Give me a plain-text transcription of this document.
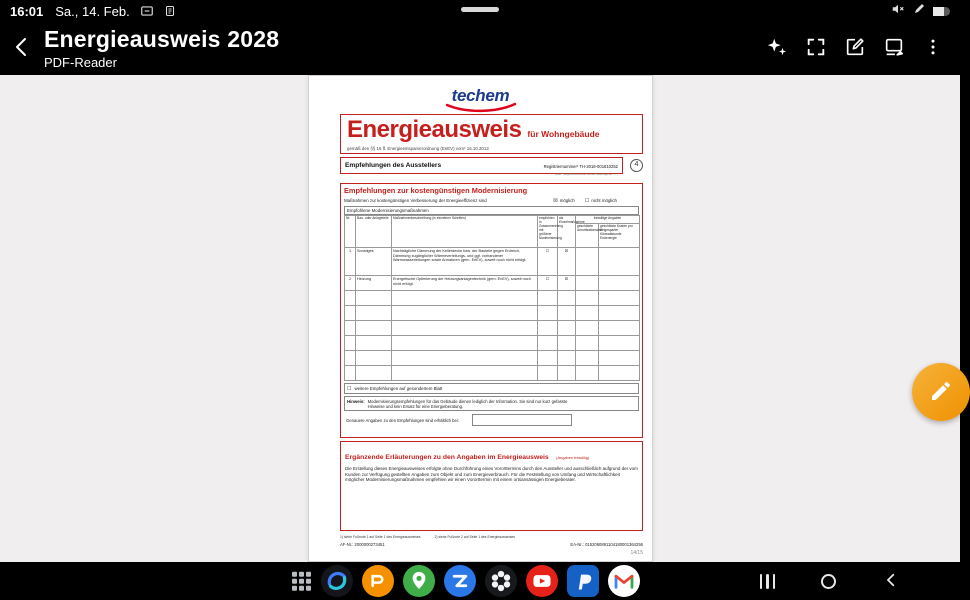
16:01 Sa., 14. Feb.
Energieausweis 2028
PDF-Reader
techem
Energieausweis für Wohngebäude
gemäß den §§ 16 ff. Energieeinsparverordnung (EnEV) vom¹ 16.10.2013
Empfehlungen des Ausstellers	Registriernummer² TH-2018-001810252
(oder "Registriernummer wurde beantragt am ...")
4
Empfehlungen zur kostengünstigen Modernisierung
Maßnahmen zur kostengünstigen Verbesserung der Energieeffizienz sind	☒ möglich ☐ nicht möglich
Empfohlene Modernisierungsmaßnahmen
Nr.	Bau- oder Anlageteile	Maßnahmenbeschreibung (in einzelnen Schritten)	empfohlen in Zusammenhang mit größerer Modernisierung	als Einzelmaßnahme	freiwillige Angaben	
					geschätzte Amortisationszeit	geschätzte Kosten pro eingesparter Kilowattstunde Endenergie
1	Sonstiges	Nachträgliche Dämmung der Kellerdecke bzw. der Bauteile gegen Erdreich, Dämmung zugänglicher Wärmeverteilungs- und ggf. vorhandener Warmwasserleitungen sowie Armaturen (gem. EnEV), soweit noch nicht erfolgt.	☐	☒		
2	Heizung	Energetische Optimierung der Heizungsanlagentechnik (gem. EnEV), soweit noch nicht erfolgt.	☐	☒		

☐ weitere Empfehlungen auf gesondertem Blatt
Hinweis: Modernisierungsempfehlungen für das Gebäude dienen lediglich der Information. Sie sind nur kurz gefasste Hinweise und kein Ersatz für eine Energieberatung.
Genauere Angaben zu den Empfehlungen sind erhältlich bei:
Ergänzende Erläuterungen zu den Angaben im Energieausweis (Angaben freiwillig)
Die Erstellung dieses Energieausweises erfolgte ohne Durchführung eines Vororttermins durch den Aussteller und ausschließlich aufgrund der vom Kunden zur Verfügung gestellten Angaben zum Objekt und zum Energieverbrauch. Für die Feststellung von Umfang und Wirtschaftlichkeit möglicher Modernisierungsmaßnahmen empfehlen wir einen Vororttermin mit einem ortsansässigen Energieberater.
1) siehe Fußnote 1 auf Seite 1 des Energieausweises	2) siehe Fußnote 2 auf Seite 1 des Energieausweises
AF-Nr.: 2000000273451	EA-Nr.: 0152060891104180001364256
14/15
